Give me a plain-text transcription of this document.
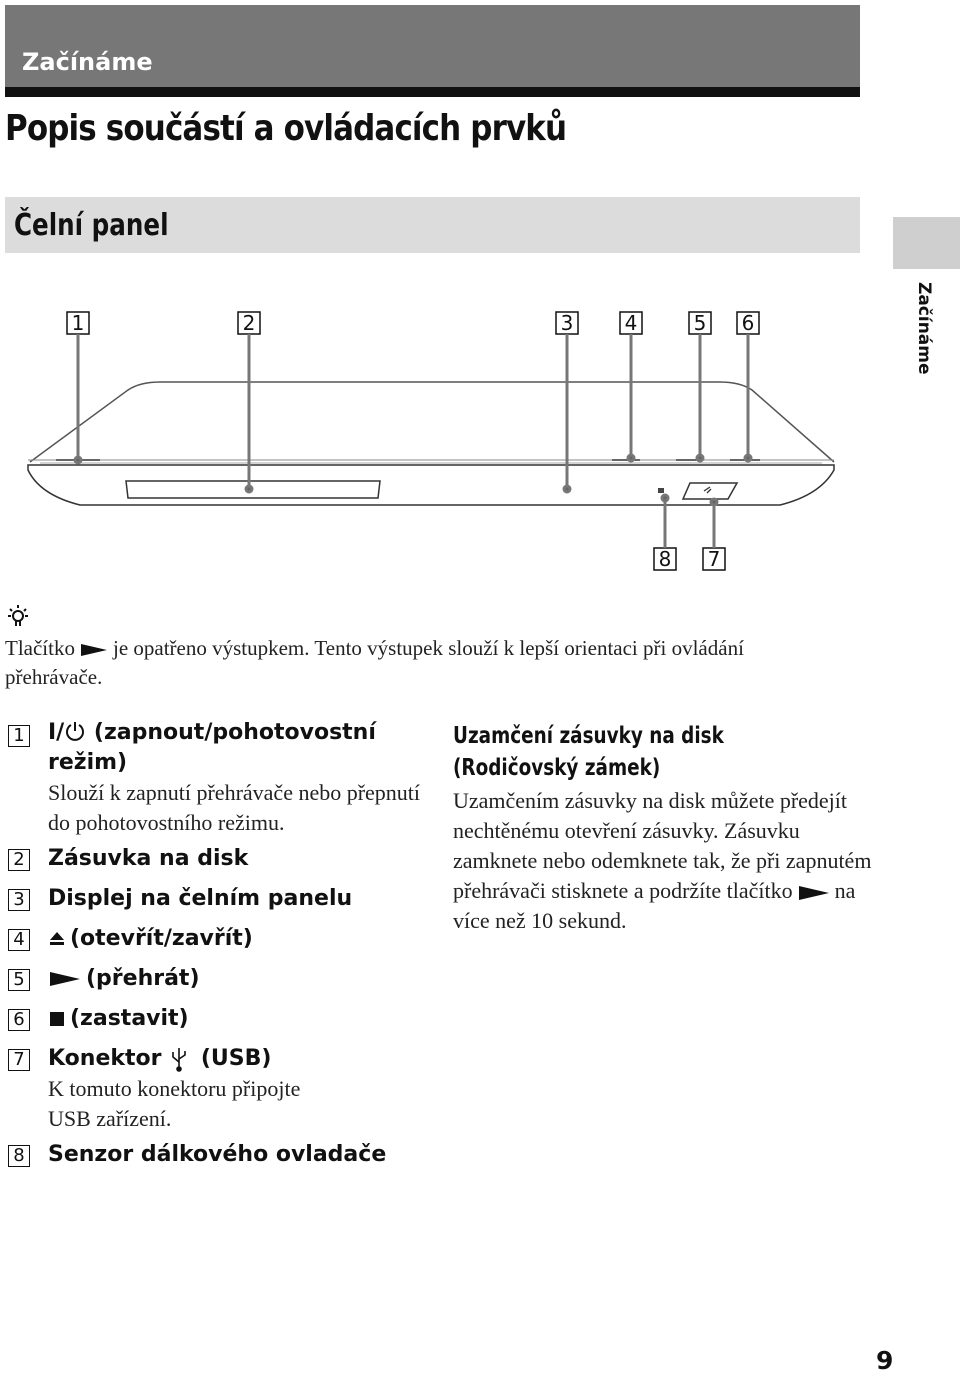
Začínáme
Popis součástí a ovládacích prvků
Čelní panel
Začínáme
1	2	3	4	5 6
8 7
Tlačítko je opatřeno výstupkem. Tento výstupek slouží k lepší orientaci při ovládání přehrávače.
1 I/ (zapnout/pohotovostní režim)
Slouží k zapnutí přehrávače nebo přepnutí do pohotovostního režimu.
2 Zásuvka na disk
3 Displej na čelním panelu
4	(otevřít/zavřít)
5	(přehrát)
6	(zastavit)
7 Konektor (USB)
K tomuto konektoru připojte USB zařízení.
8 Senzor dálkového ovladače
Uzamčení zásuvky na disk
(Rodičovský zámek)
Uzamčením zásuvky na disk můžete předejít nechtěnému otevření zásuvky. Zásuvku zamknete nebo odemknete tak, že při zapnutém přehrávači stisknete a podržíte tlačítko na více než 10 sekund.
9
